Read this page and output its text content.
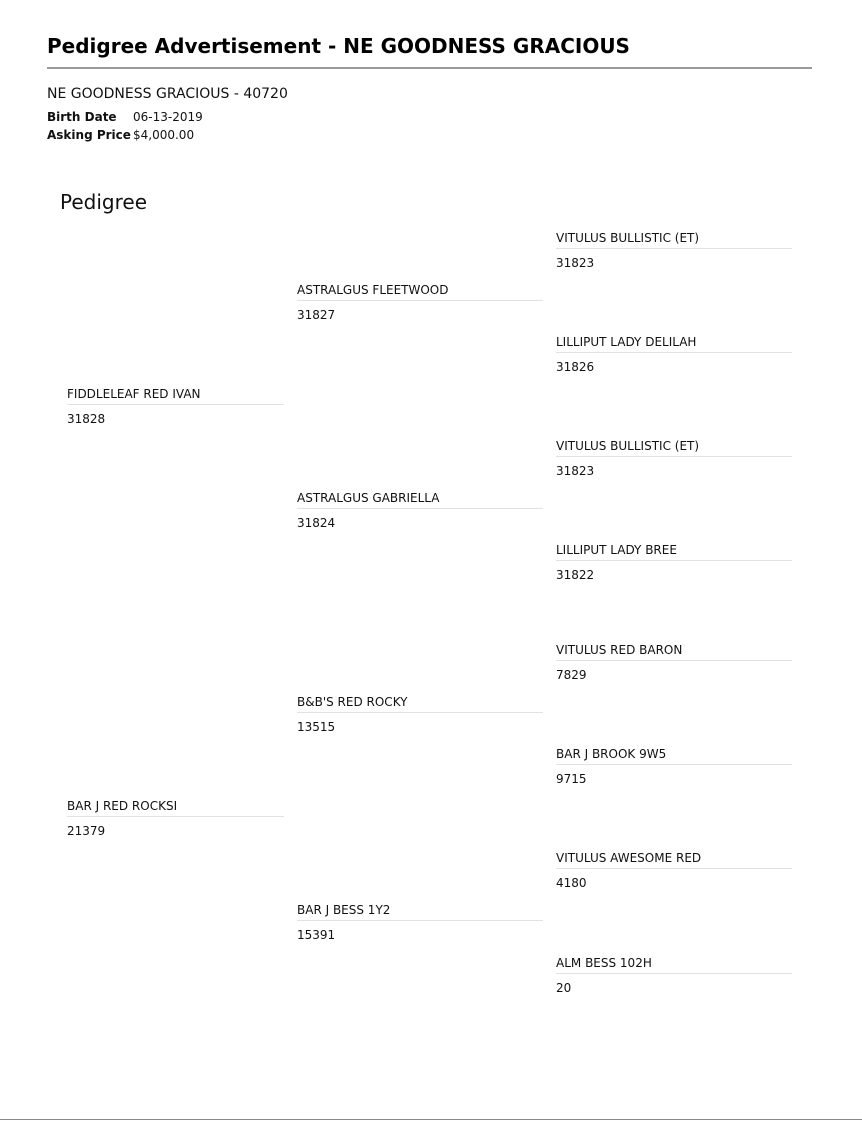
Pedigree Advertisement - NE GOODNESS GRACIOUS
NE GOODNESS GRACIOUS - 40720
Birth Date 06-13-2019
Asking Price $4,000.00
Pedigree
VITULUS BULLISTIC (ET)
31823
LILLIPUT LADY DELILAH
31826
VITULUS BULLISTIC (ET)
31823
LILLIPUT LADY BREE
31822
VITULUS RED BARON
7829
BAR J BROOK 9W5
9715
VITULUS AWESOME RED
4180
ALM BESS 102H
20
ASTRALGUS FLEETWOOD
31827
ASTRALGUS GABRIELLA
31824
B&B'S RED ROCKY
13515
BAR J BESS 1Y2
15391
FIDDLELEAF RED IVAN
31828
BAR J RED ROCKSI
21379
